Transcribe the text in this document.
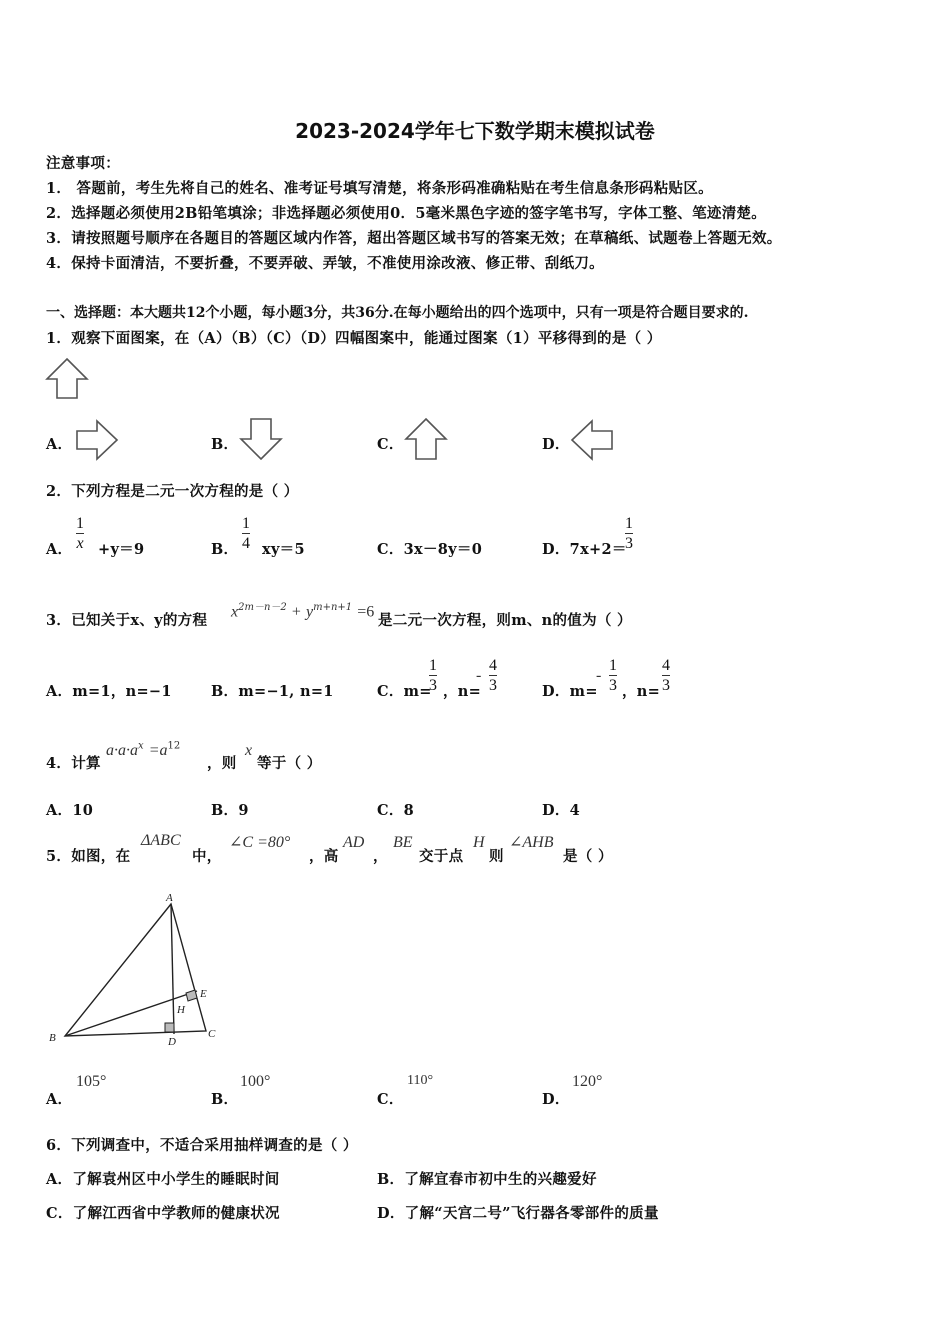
2023-2024学年七下数学期末模拟试卷
注意事项：
1． 答题前，考生先将自己的姓名、准考证号填写清楚，将条形码准确粘贴在考生信息条形码粘贴区。
2．选择题必须使用2B铅笔填涂；非选择题必须使用0．5毫米黑色字迹的签字笔书写，字体工整、笔迹清楚。
3．请按照题号顺序在各题目的答题区域内作答，超出答题区域书写的答案无效；在草稿纸、试题卷上答题无效。
4．保持卡面清洁，不要折叠，不要弄破、弄皱，不准使用涂改液、修正带、刮纸刀。
一、选择题：本大题共12个小题，每小题3分，共36分.在每小题给出的四个选项中，只有一项是符合题目要求的.
1．观察下面图案，在（A）（B）（C）（D）四幅图案中，能通过图案（1）平移得到的是（ ）
A．	B．	C．	D．
2．下列方程是二元一次方程的是（ ）
A． $\frac{1}{x} +y=9$	B． $\frac{1}{4} xy=5$	C．3x－8y＝0	D．7x+2＝
$\frac{1}{3}$
3．已知关于x、y的方程
$x^{2m-n-2} + y^{m+n+1} =6$
是二元一次方程，则m、n的值为（ ）
A．m=1，n=−1	B．m=−1, n=1	C．m=
$\frac{1}{3}$ ，n=
- $\frac{4}{3}$	D．m=
- $\frac{1}{3}$ ，$n= \frac{4}{3}$
4．计算
$a\cdot a\cdot a^x =a^{12}$
，则
x
等于（ ）
A．10	B．9	C．8	D．4
5．如图，在
ΔABC
中，
∠C =80°
，高
AD
，
BE
交于点
H
则
∠AHB
是（ ）
A
B	C
D
E
H
A．
105°
B．
100°
C．
110°
D．
120°
6．下列调查中，不适合采用抽样调查的是（ ）
A．了解袁州区中小学生的睡眠时间	B．了解宜春市初中生的兴趣爱好
C．了解江西省中学教师的健康状况	D．了解“天宫二号”飞行器各零部件的质量
